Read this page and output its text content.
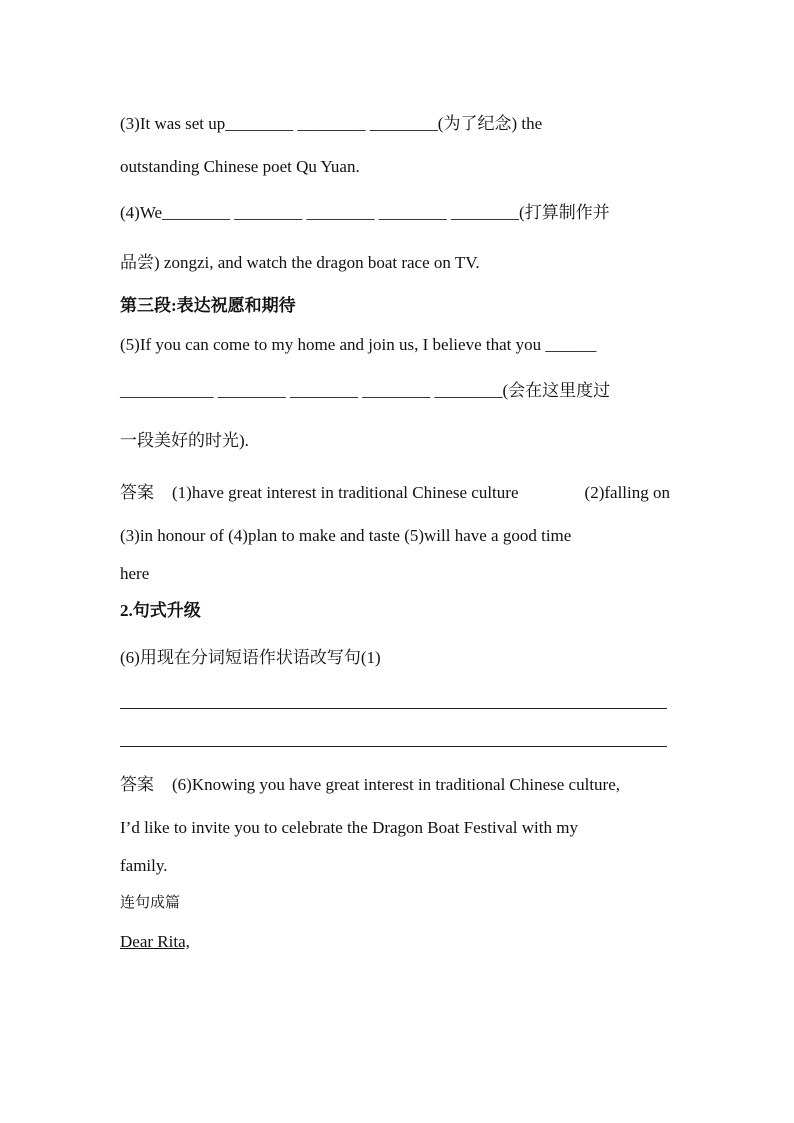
(3)It was set up________ ________ ________(为了纪念) the
outstanding Chinese poet Qu Yuan.
(4)We________ ________ ________ ________ ________(打算制作并
品尝) zongzi, and watch the dragon boat race on TV.
第三段:表达祝愿和期待
(5)If you can come to my home and join us, I believe that you ______
___________ ________ ________ ________ ________(会在这里度过
一段美好的时光).
答案 (1)have great interest in traditional Chinese culture	(2)falling on
(3)in honour of (4)plan to make and taste (5)will have a good time
here
2.句式升级
(6)用现在分词短语作状语改写句(1)
答案 (6)Knowing you have great interest in traditional Chinese culture,
I’d like to invite you to celebrate the Dragon Boat Festival with my
family.
连句成篇
Dear Rita,
